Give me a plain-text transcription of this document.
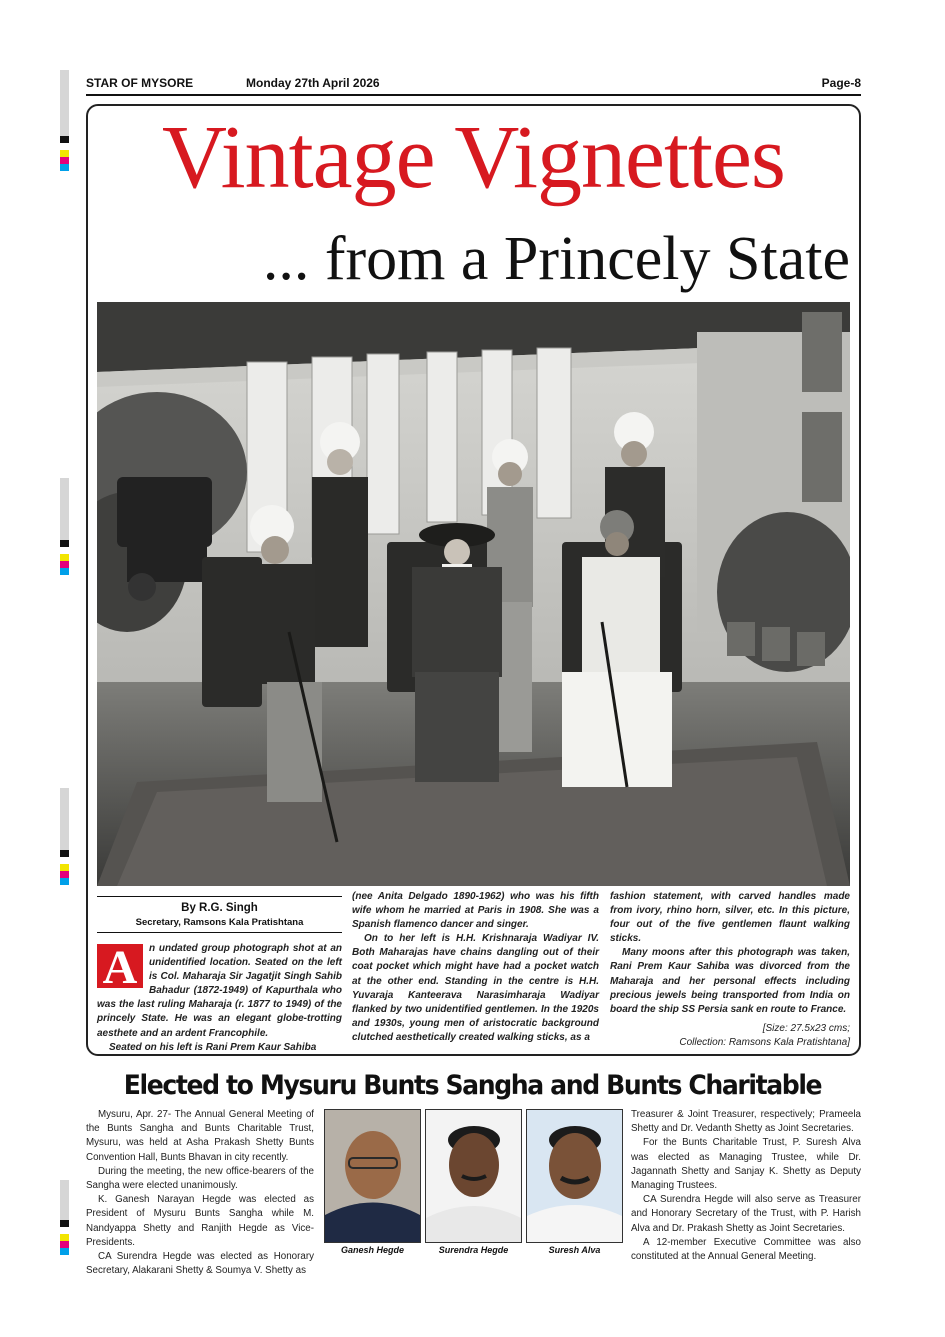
STAR OF MYSORE	Monday 27th April 2026	Page-8
Vintage Vignettes
... from a Princely State
By R.G. Singh
Secretary, Ramsons Kala Pratishtana
A	n undated group photograph shot at an unidentified location. Seated on the left is Col. Maharaja Sir Jagatjit Singh Sahib Bahadur (1872-1949) of Kapurthala who was the last ruling Maharaja (r. 1877 to 1949) of the princely State. He was an elegant globe-trotting aesthete and an ardent Francophile.

Seated on his left is Rani Prem Kaur Sahiba

(nee Anita Delgado 1890-1962) who was his fifth wife whom he married at Paris in 1908. She was a Spanish flamenco dancer and singer.

On to her left is H.H. Krishnaraja Wadiyar IV. Both Maharajas have chains dangling out of their coat pocket which might have had a pocket watch at the other end. Standing in the centre is H.H. Yuvaraja Kanteerava Narasimharaja Wadiyar flanked by two unidentified gentlemen. In the 1920s and 1930s, young men of aristocratic background clutched aesthetically created walking sticks, as a

fashion statement, with carved handles made from ivory, rhino horn, silver, etc. In this picture, four out of the five gentlemen flaunt walking sticks.

Many moons after this photograph was taken, Rani Prem Kaur Sahiba was divorced from the Maharaja and her personal effects including precious jewels being transported from India on board the ship SS Persia sank en route to France.

[Size: 27.5x23 cms;
Collection: Ramsons Kala Pratishtana]
Elected to Mysuru Bunts Sangha and Bunts Charitable

Mysuru, Apr. 27- The Annual General Meeting of the Bunts Sangha and Bunts Charitable Trust, Mysuru, was held at Asha Prakash Shetty Bunts Convention Hall, Bunts Bhavan in city recently.

During the meeting, the new office-bearers of the Sangha were elected unanimously.

K. Ganesh Narayan Hegde was elected as President of Mysuru Bunts Sangha while M. Nandyappa Shetty and Ranjith Hegde as Vice-Presidents.

CA Surendra Hegde was elected as Honorary Secretary, Alakarani Shetty & Soumya V. Shetty as

Ganesh Hegde	Surendra Hegde	Suresh Alva

Treasurer & Joint Treasurer, respectively; Prameela Shetty and Dr. Vedanth Shetty as Joint Secretaries.

For the Bunts Charitable Trust, P. Suresh Alva was elected as Managing Trustee, while Dr. Jagannath Shetty and Sanjay K. Shetty as Deputy Managing Trustees.

CA Surendra Hegde will also serve as Treasurer and Honorary Secretary of the Trust, with P. Harish Alva and Dr. Prakash Shetty as Joint Secretaries.

A 12-member Executive Committee was also constituted at the Annual General Meeting.
